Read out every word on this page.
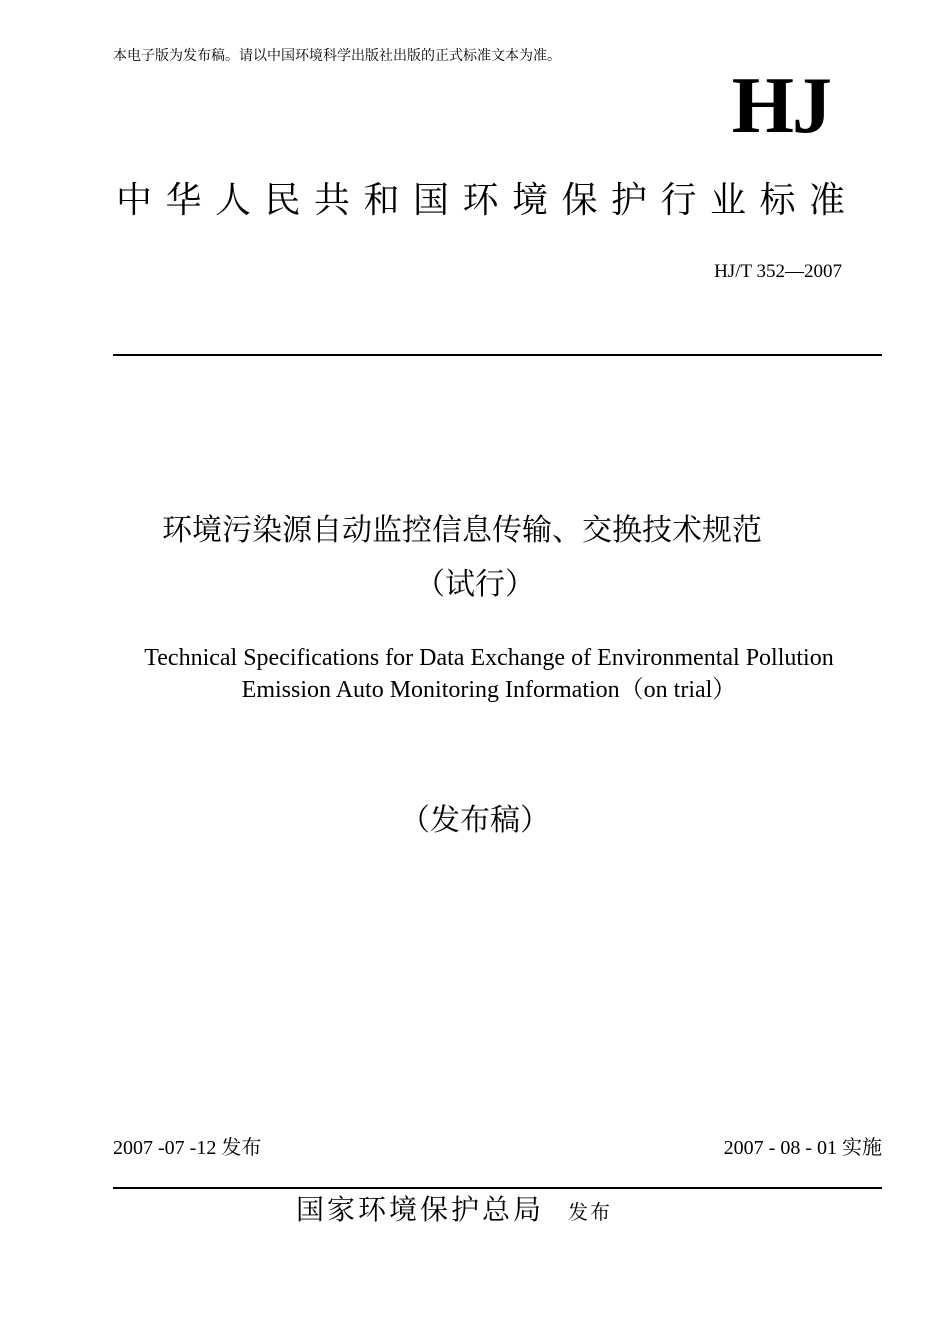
本电子版为发布稿。请以中国环境科学出版社出版的正式标准文本为准。
HJ
中华人民共和国环境保护行业标准
HJ/T 352—2007
环境污染源自动监控信息传输、交换技术规范
（试行）
Technical Specifications for Data Exchange of Environmental Pollution
Emission Auto Monitoring Information（on trial）
（发布稿）
2007 -07 -12 发布	2007 - 08 - 01 实施
国家环境保护总局 发布
